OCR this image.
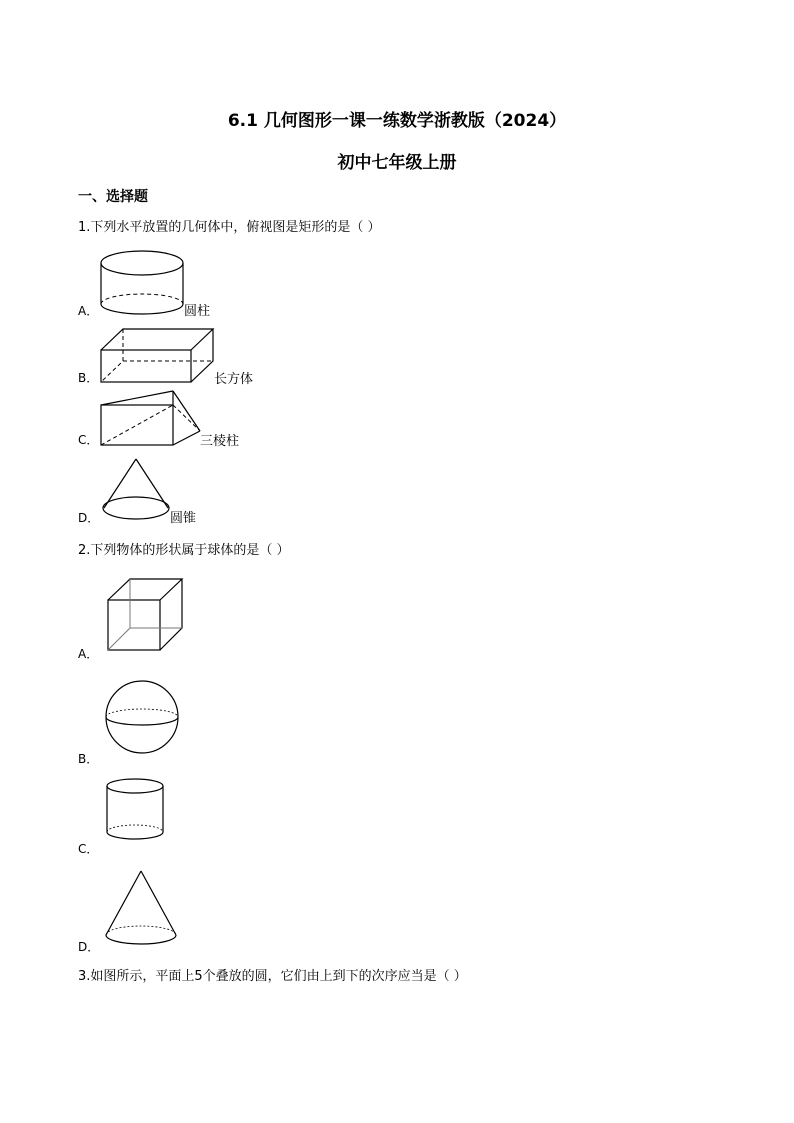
6.1 几何图形一课一练数学浙教版（2024）
初中七年级上册
一、选择题
1.下列水平放置的几何体中，俯视图是矩形的是（ ）
A．	圆柱
B．	长方体
C．	三棱柱
D．	圆锥
2.下列物体的形状属于球体的是（ ）
A．
B．
C．
D．
3.如图所示，平面上5个叠放的圆，它们由上到下的次序应当是（ ）
